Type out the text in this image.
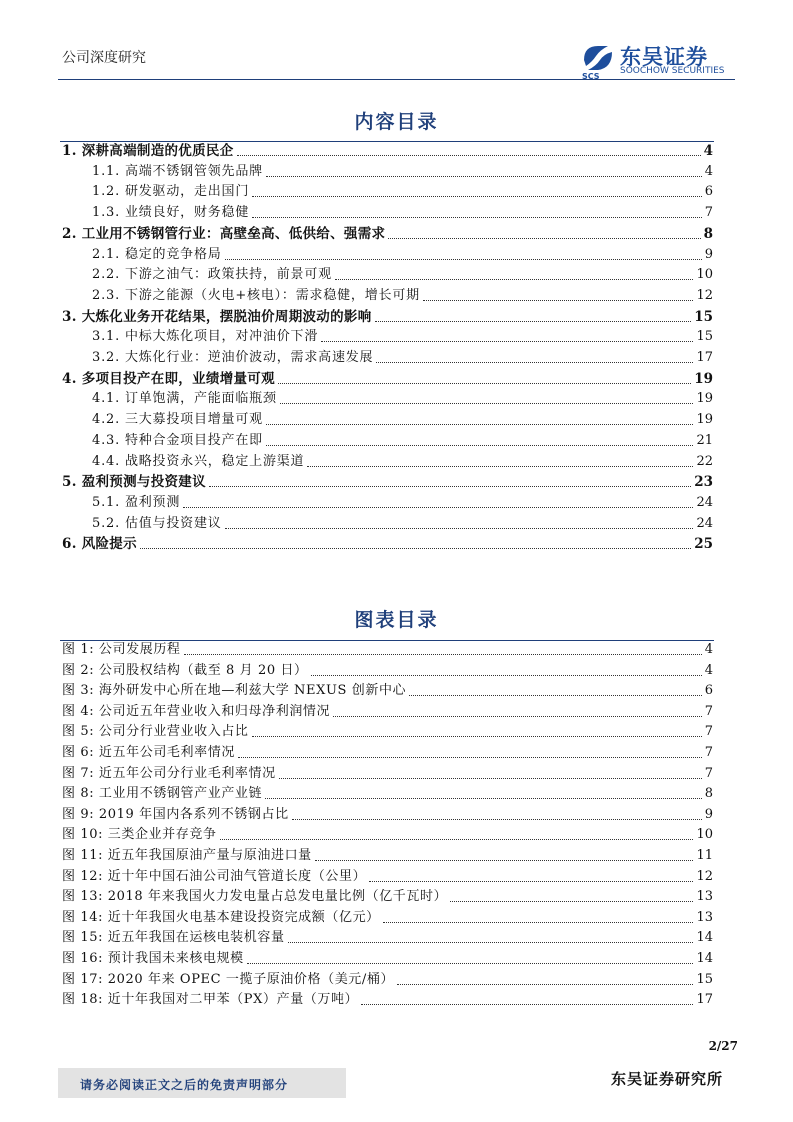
公司深度研究
SCS
东吴证券
SOOCHOW SECURITIES
内容目录
1. 深耕高端制造的优质民企	4
1.1. 高端不锈钢管领先品牌	4
1.2. 研发驱动，走出国门	6
1.3. 业绩良好，财务稳健	7
2. 工业用不锈钢管行业：高壁垒高、低供给、强需求	8
2.1. 稳定的竞争格局	9
2.2. 下游之油气：政策扶持，前景可观	10
2.3. 下游之能源（火电+核电）：需求稳健，增长可期	12
3. 大炼化业务开花结果，摆脱油价周期波动的影响	15
3.1. 中标大炼化项目，对冲油价下滑	15
3.2. 大炼化行业：逆油价波动，需求高速发展	17
4. 多项目投产在即，业绩增量可观	19
4.1. 订单饱满，产能面临瓶颈	19
4.2. 三大募投项目增量可观	19
4.3. 特种合金项目投产在即	21
4.4. 战略投资永兴，稳定上游渠道	22
5. 盈利预测与投资建议	23
5.1. 盈利预测	24
5.2. 估值与投资建议	24
6. 风险提示	25
图表目录
图 1: 公司发展历程	4
图 2: 公司股权结构（截至 8 月 20 日）	4
图 3: 海外研发中心所在地—利兹大学 NEXUS 创新中心	6
图 4: 公司近五年营业收入和归母净利润情况	7
图 5: 公司分行业营业收入占比	7
图 6: 近五年公司毛利率情况	7
图 7: 近五年公司分行业毛利率情况	7
图 8: 工业用不锈钢管产业产业链	8
图 9: 2019 年国内各系列不锈钢占比	9
图 10: 三类企业并存竞争	10
图 11: 近五年我国原油产量与原油进口量	11
图 12: 近十年中国石油公司油气管道长度（公里）	12
图 13: 2018 年来我国火力发电量占总发电量比例（亿千瓦时）	13
图 14: 近十年我国火电基本建设投资完成额（亿元）	13
图 15: 近五年我国在运核电装机容量	14
图 16: 预计我国未来核电规模	14
图 17: 2020 年来 OPEC 一揽子原油价格（美元/桶）	15
图 18: 近十年我国对二甲苯（PX）产量（万吨）	17
2/27
请务必阅读正文之后的免责声明部分	东吴证券研究所
